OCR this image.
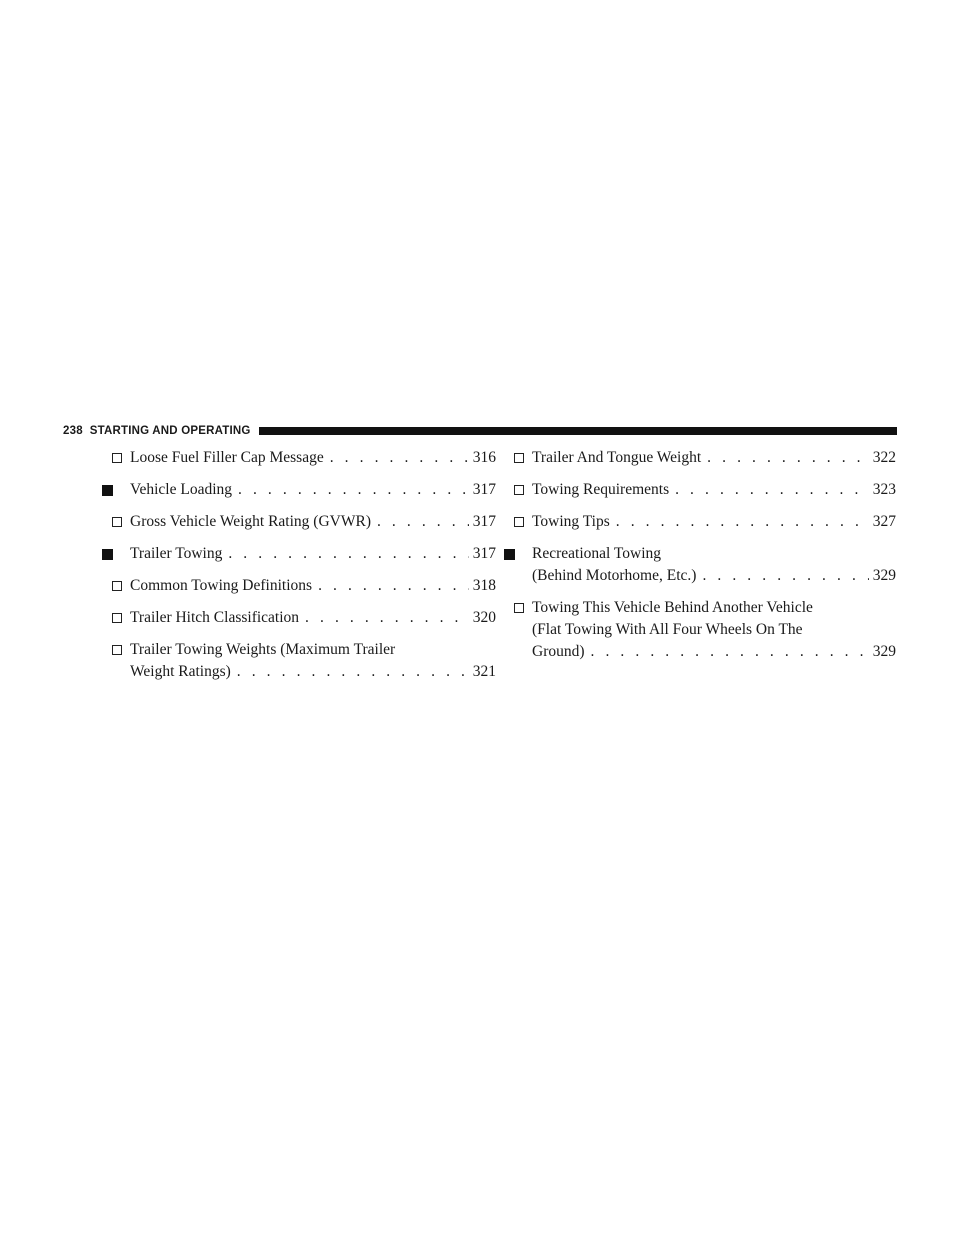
238 STARTING AND OPERATING
Loose Fuel Filler Cap Message . . .	316
Vehicle Loading . . .	317
Gross Vehicle Weight Rating (GVWR) . . .	317
Trailer Towing . . .	317
Common Towing Definitions . . .	318
Trailer Hitch Classification . . .	320
Trailer Towing Weights (Maximum Trailer
Weight Ratings) . . .	321
Trailer And Tongue Weight . . .	322
Towing Requirements . . .	323
Towing Tips . . .	327
Recreational Towing
(Behind Motorhome, Etc.) . . .	329
Towing This Vehicle Behind Another Vehicle
(Flat Towing With All Four Wheels On The
Ground) . . .	329
